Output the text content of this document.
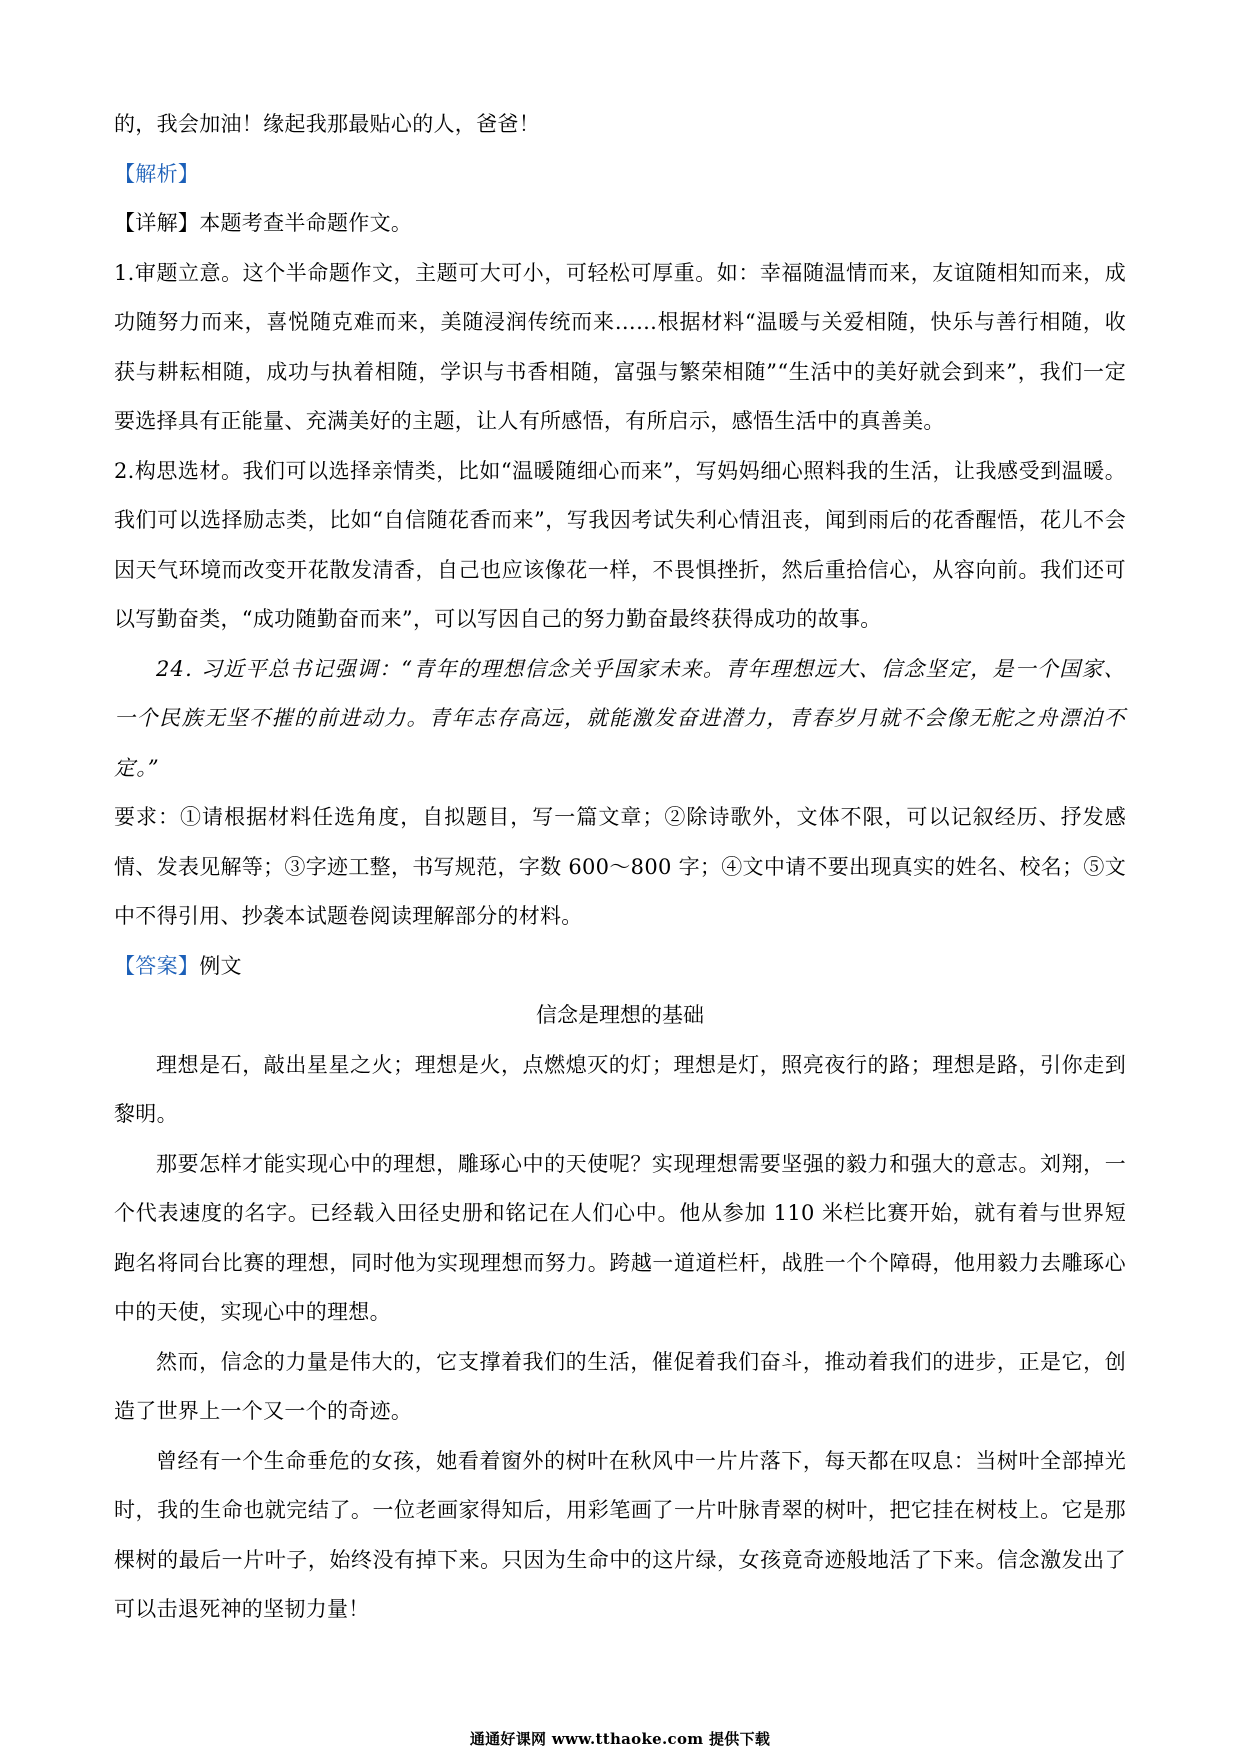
的，我会加油！缘起我那最贴心的人，爸爸！

【解析】

【详解】本题考查半命题作文。

1.审题立意。这个半命题作文，主题可大可小，可轻松可厚重。如：幸福随温情而来，友谊随相知而来，成功随努力而来，喜悦随克难而来，美随浸润传统而来……根据材料“温暖与关爱相随，快乐与善行相随，收获与耕耘相随，成功与执着相随，学识与书香相随，富强与繁荣相随”“生活中的美好就会到来”，我们一定要选择具有正能量、充满美好的主题，让人有所感悟，有所启示，感悟生活中的真善美。

2.构思选材。我们可以选择亲情类，比如“温暖随细心而来”，写妈妈细心照料我的生活，让我感受到温暖。我们可以选择励志类，比如“自信随花香而来”，写我因考试失利心情沮丧，闻到雨后的花香醒悟，花儿不会因天气环境而改变开花散发清香，自己也应该像花一样，不畏惧挫折，然后重拾信心，从容向前。我们还可以写勤奋类，“成功随勤奋而来”，可以写因自己的努力勤奋最终获得成功的故事。

24. 习近平总书记强调：“青年的理想信念关乎国家未来。青年理想远大、信念坚定，是一个国家、一个民族无坚不摧的前进动力。青年志存高远，就能激发奋进潜力，青春岁月就不会像无舵之舟漂泊不定。”

要求：①请根据材料任选角度，自拟题目，写一篇文章；②除诗歌外，文体不限，可以记叙经历、抒发感情、发表见解等；③字迹工整，书写规范，字数 600～800 字；④文中请不要出现真实的姓名、校名；⑤文中不得引用、抄袭本试题卷阅读理解部分的材料。

【答案】例文

信念是理想的基础

理想是石，敲出星星之火；理想是火，点燃熄灭的灯；理想是灯，照亮夜行的路；理想是路，引你走到黎明。

那要怎样才能实现心中的理想，雕琢心中的天使呢？实现理想需要坚强的毅力和强大的意志。刘翔，一个代表速度的名字。已经载入田径史册和铭记在人们心中。他从参加 110 米栏比赛开始，就有着与世界短跑名将同台比赛的理想，同时他为实现理想而努力。跨越一道道栏杆，战胜一个个障碍，他用毅力去雕琢心中的天使，实现心中的理想。

然而，信念的力量是伟大的，它支撑着我们的生活，催促着我们奋斗，推动着我们的进步，正是它，创造了世界上一个又一个的奇迹。

曾经有一个生命垂危的女孩，她看着窗外的树叶在秋风中一片片落下，每天都在叹息：当树叶全部掉光时，我的生命也就完结了。一位老画家得知后，用彩笔画了一片叶脉青翠的树叶，把它挂在树枝上。它是那棵树的最后一片叶子，始终没有掉下来。只因为生命中的这片绿，女孩竟奇迹般地活了下来。信念激发出了可以击退死神的坚韧力量！

通通好课网 www.tthaoke.com 提供下载
